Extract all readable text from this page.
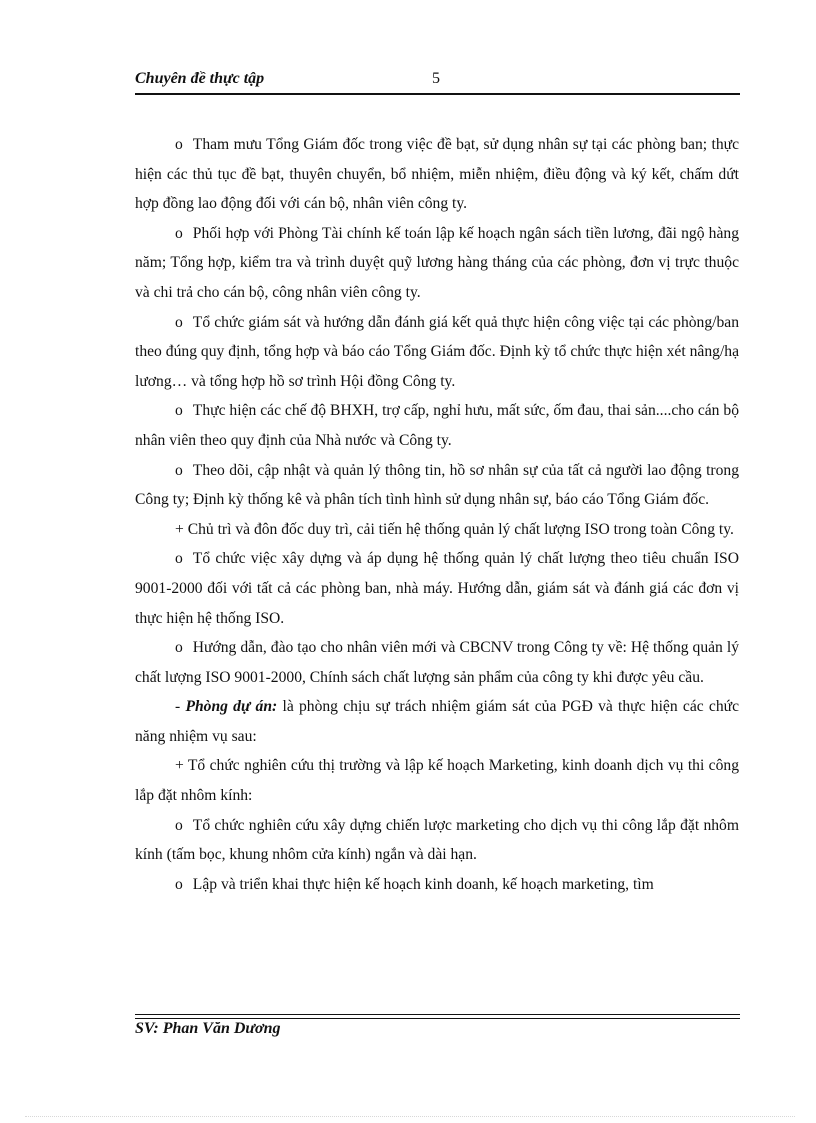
Chuyên đề thực tập	5

o Tham mưu Tổng Giám đốc trong việc đề bạt, sử dụng nhân sự tại các phòng ban; thực hiện các thủ tục đề bạt, thuyên chuyển, bổ nhiệm, miễn nhiệm, điều động và ký kết, chấm dứt hợp đồng lao động đối với cán bộ, nhân viên công ty.

o Phối hợp với Phòng Tài chính kế toán lập kế hoạch ngân sách tiền lương, đãi ngộ hàng năm; Tổng hợp, kiểm tra và trình duyệt quỹ lương hàng tháng của các phòng, đơn vị trực thuộc và chi trả cho cán bộ, công nhân viên công ty.

o Tổ chức giám sát và hướng dẫn đánh giá kết quả thực hiện công việc tại các phòng/ban theo đúng quy định, tổng hợp và báo cáo Tổng Giám đốc. Định kỳ tổ chức thực hiện xét nâng/hạ lương… và tổng hợp hồ sơ trình Hội đồng Công ty.

o Thực hiện các chế độ BHXH, trợ cấp, nghỉ hưu, mất sức, ốm đau, thai sản....cho cán bộ nhân viên theo quy định của Nhà nước và Công ty.

o Theo dõi, cập nhật và quản lý thông tin, hồ sơ nhân sự của tất cả người lao động trong Công ty; Định kỳ thống kê và phân tích tình hình sử dụng nhân sự, báo cáo Tổng Giám đốc.

+ Chủ trì và đôn đốc duy trì, cải tiến hệ thống quản lý chất lượng ISO trong toàn Công ty.

o Tổ chức việc xây dựng và áp dụng hệ thống quản lý chất lượng theo tiêu chuẩn ISO 9001-2000 đối với tất cả các phòng ban, nhà máy. Hướng dẫn, giám sát và đánh giá các đơn vị thực hiện hệ thống ISO.

o Hướng dẫn, đào tạo cho nhân viên mới và CBCNV trong Công ty về: Hệ thống quản lý chất lượng ISO 9001-2000, Chính sách chất lượng sản phẩm của công ty khi được yêu cầu.

- Phòng dự án: là phòng chịu sự trách nhiệm giám sát của PGĐ và thực hiện các chức năng nhiệm vụ sau:

+ Tổ chức nghiên cứu thị trường và lập kế hoạch Marketing, kinh doanh dịch vụ thi công lắp đặt nhôm kính:

o Tổ chức nghiên cứu xây dựng chiến lược marketing cho dịch vụ thi công lắp đặt nhôm kính (tấm bọc, khung nhôm cửa kính) ngắn và dài hạn.

o Lập và triển khai thực hiện kế hoạch kinh doanh, kế hoạch marketing, tìm

SV: Phan Văn Dương
